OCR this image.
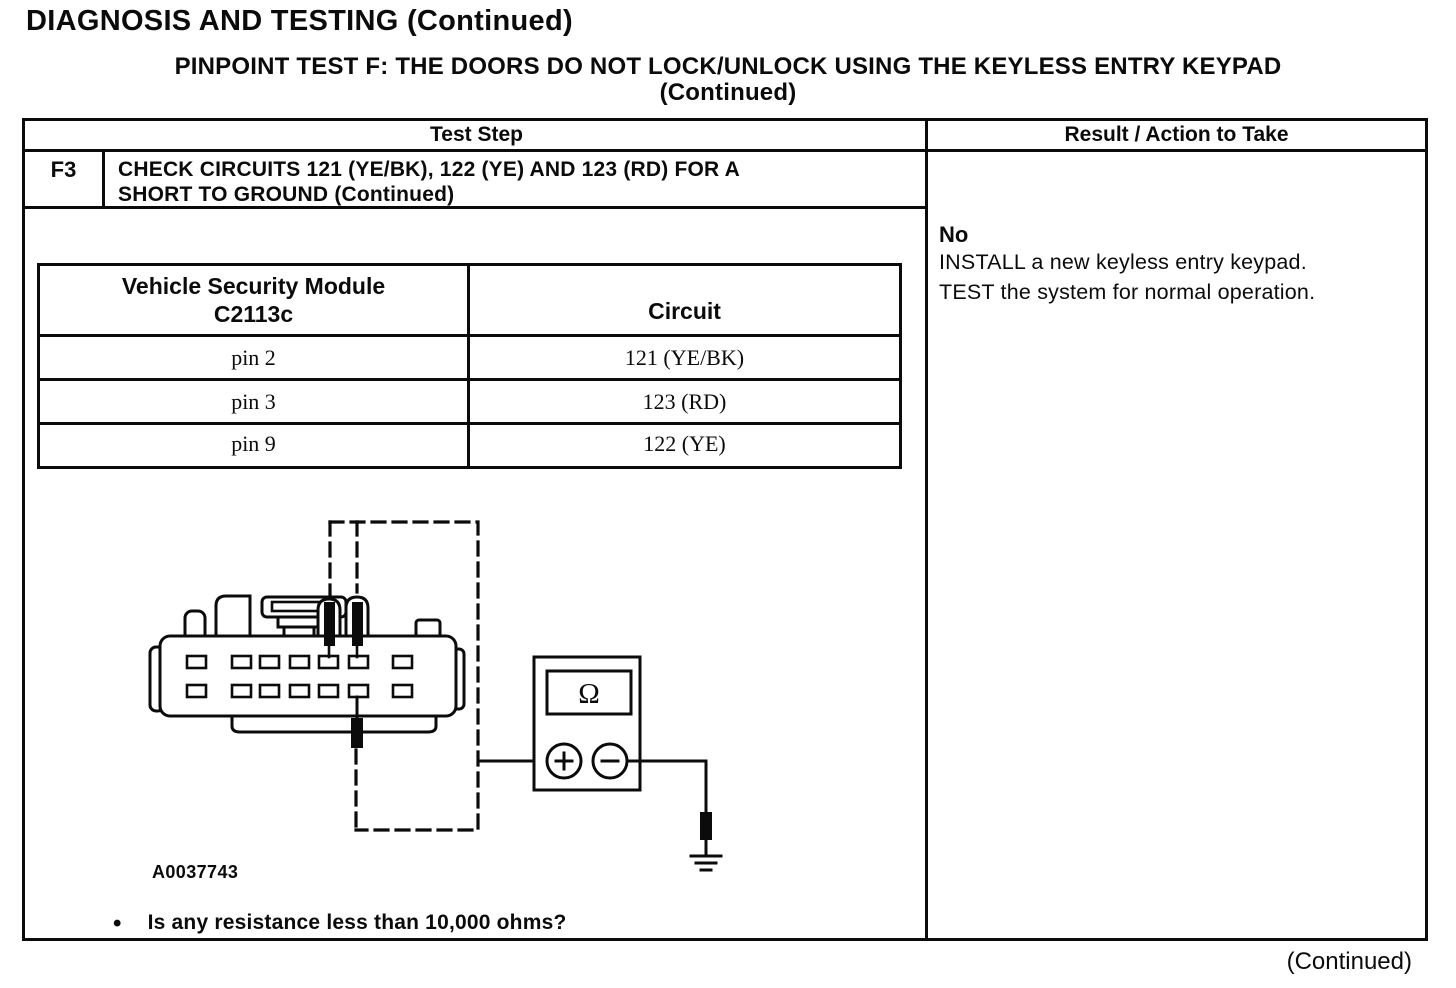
DIAGNOSIS AND TESTING (Continued)
PINPOINT TEST F: THE DOORS DO NOT LOCK/UNLOCK USING THE KEYLESS ENTRY KEYPAD
(Continued)
Test Step	Result / Action to Take
F3	CHECK CIRCUITS 121 (YE/BK), 122 (YE) AND 123 (RD) FOR A
SHORT TO GROUND (Continued)
Vehicle Security Module
C2113c	Circuit
pin 2	121 (YE/BK)
pin 3	123 (RD)
pin 9	122 (YE)
Ω
A0037743
• Is any resistance less than 10,000 ohms?
No
INSTALL a new keyless entry keypad.
TEST the system for normal operation.
(Continued)
